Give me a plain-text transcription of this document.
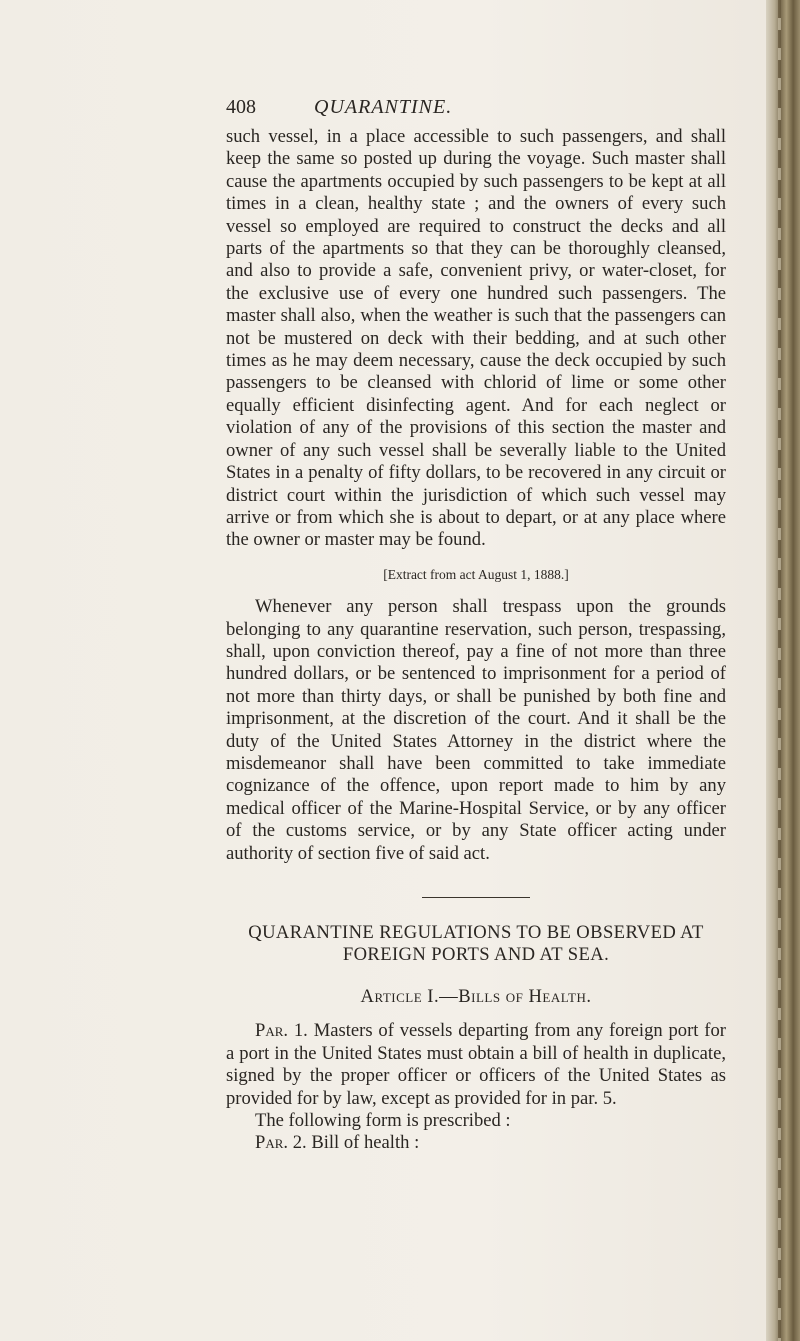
408	QUARANTINE.

such vessel, in a place accessible to such passengers, and shall keep the same so posted up during the voyage. Such master shall cause the apartments occupied by such passengers to be kept at all times in a clean, healthy state ; and the owners of every such vessel so employed are required to construct the decks and all parts of the apartments so that they can be thoroughly cleansed, and also to provide a safe, convenient privy, or water-closet, for the exclusive use of every one hundred such passengers. The master shall also, when the weather is such that the passengers can not be mustered on deck with their bedding, and at such other times as he may deem necessary, cause the deck occupied by such passengers to be cleansed with chlorid of lime or some other equally efficient disinfecting agent. And for each neglect or violation of any of the provisions of this section the master and owner of any such vessel shall be severally liable to the United States in a penalty of fifty dollars, to be recovered in any circuit or district court within the jurisdiction of which such vessel may arrive or from which she is about to depart, or at any place where the owner or master may be found.

[Extract from act August 1, 1888.]

Whenever any person shall trespass upon the grounds belonging to any quarantine reservation, such person, trespassing, shall, upon conviction thereof, pay a fine of not more than three hundred dollars, or be sentenced to imprisonment for a period of not more than thirty days, or shall be punished by both fine and imprisonment, at the discretion of the court. And it shall be the duty of the United States Attorney in the district where the misdemeanor shall have been committed to take immediate cognizance of the offence, upon report made to him by any medical officer of the Marine-Hospital Service, or by any officer of the customs service, or by any State officer acting under authority of section five of said act.

QUARANTINE REGULATIONS TO BE OBSERVED AT
FOREIGN PORTS AND AT SEA.

Article I.—Bills of Health.

Par. 1. Masters of vessels departing from any foreign port for a port in the United States must obtain a bill of health in duplicate, signed by the proper officer or officers of the United States as provided for by law, except as provided for in par. 5.

The following form is prescribed :

Par. 2. Bill of health :
